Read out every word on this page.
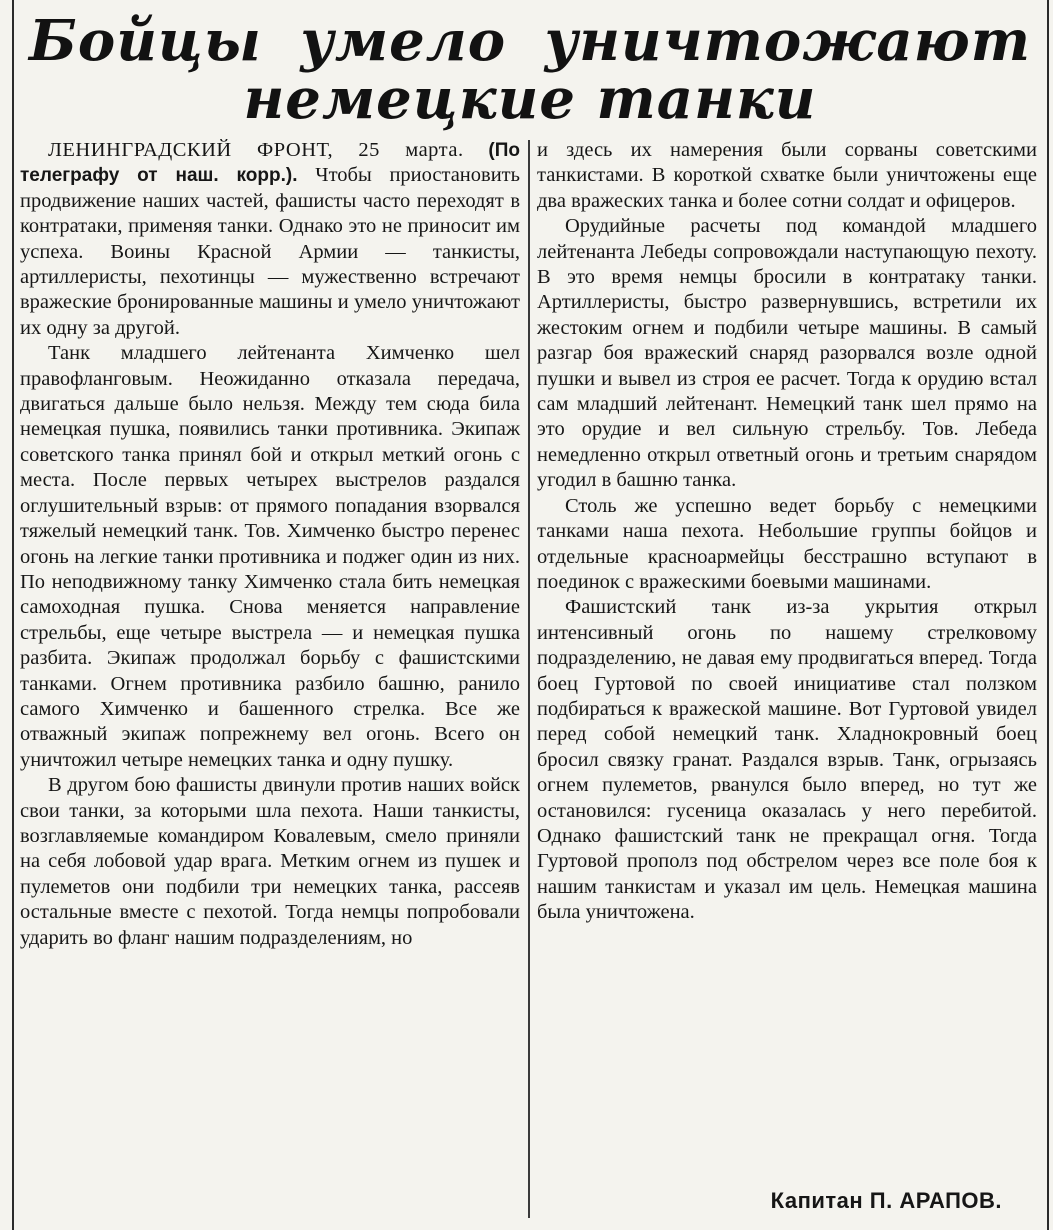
Бойцы умело уничтожают
немецкие танки

ЛЕНИНГРАДСКИЙ ФРОНТ, 25 марта. (По телеграфу от наш. корр.). Чтобы приостановить продвижение наших частей, фашисты часто переходят в контратаки, применяя танки. Однако это не приносит им успеха. Воины Красной Армии — танкисты, артиллеристы, пехотинцы — мужественно встречают вражеские бронированные машины и умело уничтожают их одну за другой.

Танк младшего лейтенанта Химченко шел правофланговым. Неожиданно отказала передача, двигаться дальше было нельзя. Между тем сюда била немецкая пушка, появились танки противника. Экипаж советского танка принял бой и открыл меткий огонь с места. После первых четырех выстрелов раздался оглушительный взрыв: от прямого попадания взорвался тяжелый немецкий танк. Тов. Химченко быстро перенес огонь на легкие танки противника и поджег один из них. По неподвижному танку Химченко стала бить немецкая самоходная пушка. Снова меняется направление стрельбы, еще четыре выстрела — и немецкая пушка разбита. Экипаж продолжал борьбу с фашистскими танками. Огнем противника разбило башню, ранило самого Химченко и башенного стрелка. Все же отважный экипаж попрежнему вел огонь. Всего он уничтожил четыре немецких танка и одну пушку.

В другом бою фашисты двинули против наших войск свои танки, за которыми шла пехота. Наши танкисты, возглавляемые командиром Ковалевым, смело приняли на себя лобовой удар врага. Метким огнем из пушек и пулеметов они подбили три немецких танка, рассеяв остальные вместе с пехотой. Тогда немцы попробовали ударить во фланг нашим подразделениям, но

и здесь их намерения были сорваны советскими танкистами. В короткой схватке были уничтожены еще два вражеских танка и более сотни солдат и офицеров.

Орудийные расчеты под командой младшего лейтенанта Лебеды сопровождали наступающую пехоту. В это время немцы бросили в контратаку танки. Артиллеристы, быстро развернувшись, встретили их жестоким огнем и подбили четыре машины. В самый разгар боя вражеский снаряд разорвался возле одной пушки и вывел из строя ее расчет. Тогда к орудию встал сам младший лейтенант. Немецкий танк шел прямо на это орудие и вел сильную стрельбу. Тов. Лебеда немедленно открыл ответный огонь и третьим снарядом угодил в башню танка.

Столь же успешно ведет борьбу с немецкими танками наша пехота. Небольшие группы бойцов и отдельные красноармейцы бесстрашно вступают в поединок с вражескими боевыми машинами.

Фашистский танк из-за укрытия открыл интенсивный огонь по нашему стрелковому подразделению, не давая ему продвигаться вперед. Тогда боец Гуртовой по своей инициативе стал ползком подбираться к вражеской машине. Вот Гуртовой увидел перед собой немецкий танк. Хладнокровный боец бросил связку гранат. Раздался взрыв. Танк, огрызаясь огнем пулеметов, рванулся было вперед, но тут же остановился: гусеница оказалась у него перебитой. Однако фашистский танк не прекращал огня. Тогда Гуртовой прополз под обстрелом через все поле боя к нашим танкистам и указал им цель. Немецкая машина была уничтожена.

Капитан П. АРАПОВ.
